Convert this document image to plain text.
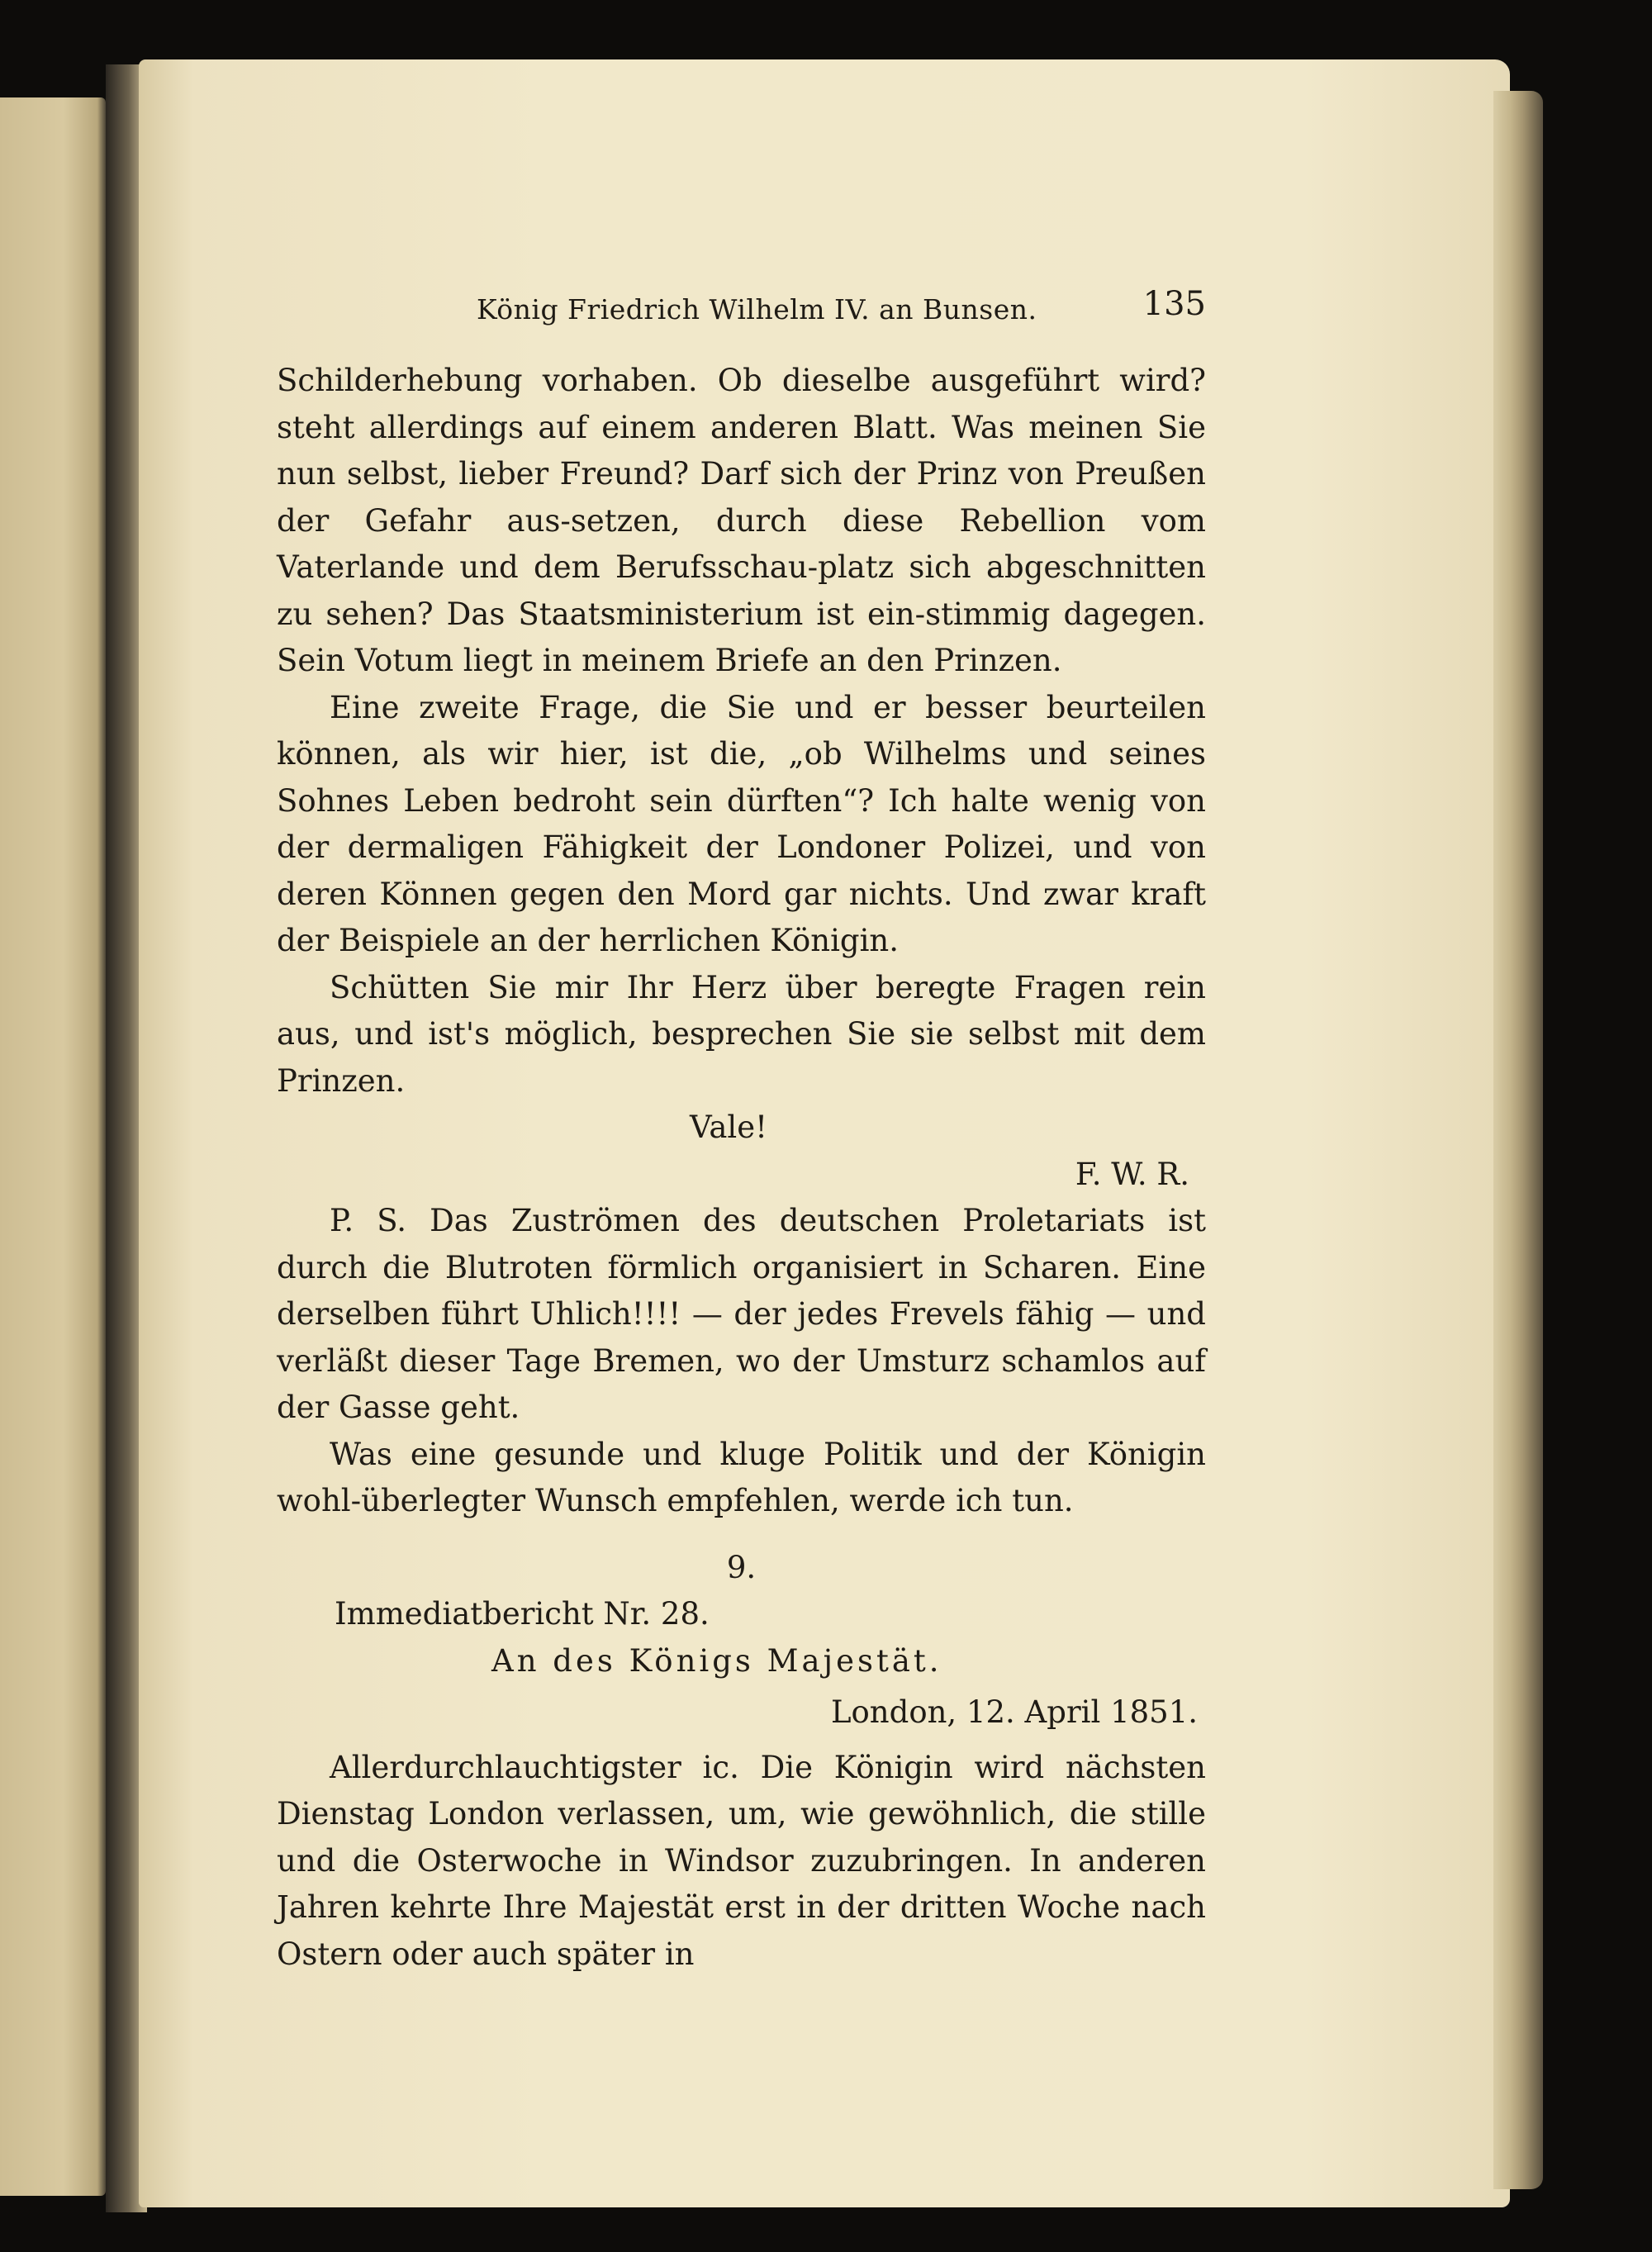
König Friedrich Wilhelm IV. an Bunsen.	135

Schilderhebung vorhaben. Ob dieselbe ausgeführt wird? steht allerdings auf einem anderen Blatt. Was meinen Sie nun selbst, lieber Freund? Darf sich der Prinz von Preußen der Gefahr aus-setzen, durch diese Rebellion vom Vaterlande und dem Berufsschau-platz sich abgeschnitten zu sehen? Das Staatsministerium ist ein-stimmig dagegen. Sein Votum liegt in meinem Briefe an den Prinzen.

Eine zweite Frage, die Sie und er besser beurteilen können, als wir hier, ist die, „ob Wilhelms und seines Sohnes Leben bedroht sein dürften“? Ich halte wenig von der dermaligen Fähigkeit der Londoner Polizei, und von deren Können gegen den Mord gar nichts. Und zwar kraft der Beispiele an der herrlichen Königin.

Schütten Sie mir Ihr Herz über beregte Fragen rein aus, und ist's möglich, besprechen Sie sie selbst mit dem Prinzen.

Vale!

F. W. R.

P. S. Das Zuströmen des deutschen Proletariats ist durch die Blutroten förmlich organisiert in Scharen. Eine derselben führt Uhlich!!!! — der jedes Frevels fähig — und verläßt dieser Tage Bremen, wo der Umsturz schamlos auf der Gasse geht.

Was eine gesunde und kluge Politik und der Königin wohl-überlegter Wunsch empfehlen, werde ich tun.

9.

Immediatbericht Nr. 28.

An des Königs Majestät.

London, 12. April 1851.

Allerdurchlauchtigster ic. Die Königin wird nächsten Dienstag London verlassen, um, wie gewöhnlich, die stille und die Osterwoche in Windsor zuzubringen. In anderen Jahren kehrte Ihre Majestät erst in der dritten Woche nach Ostern oder auch später in
